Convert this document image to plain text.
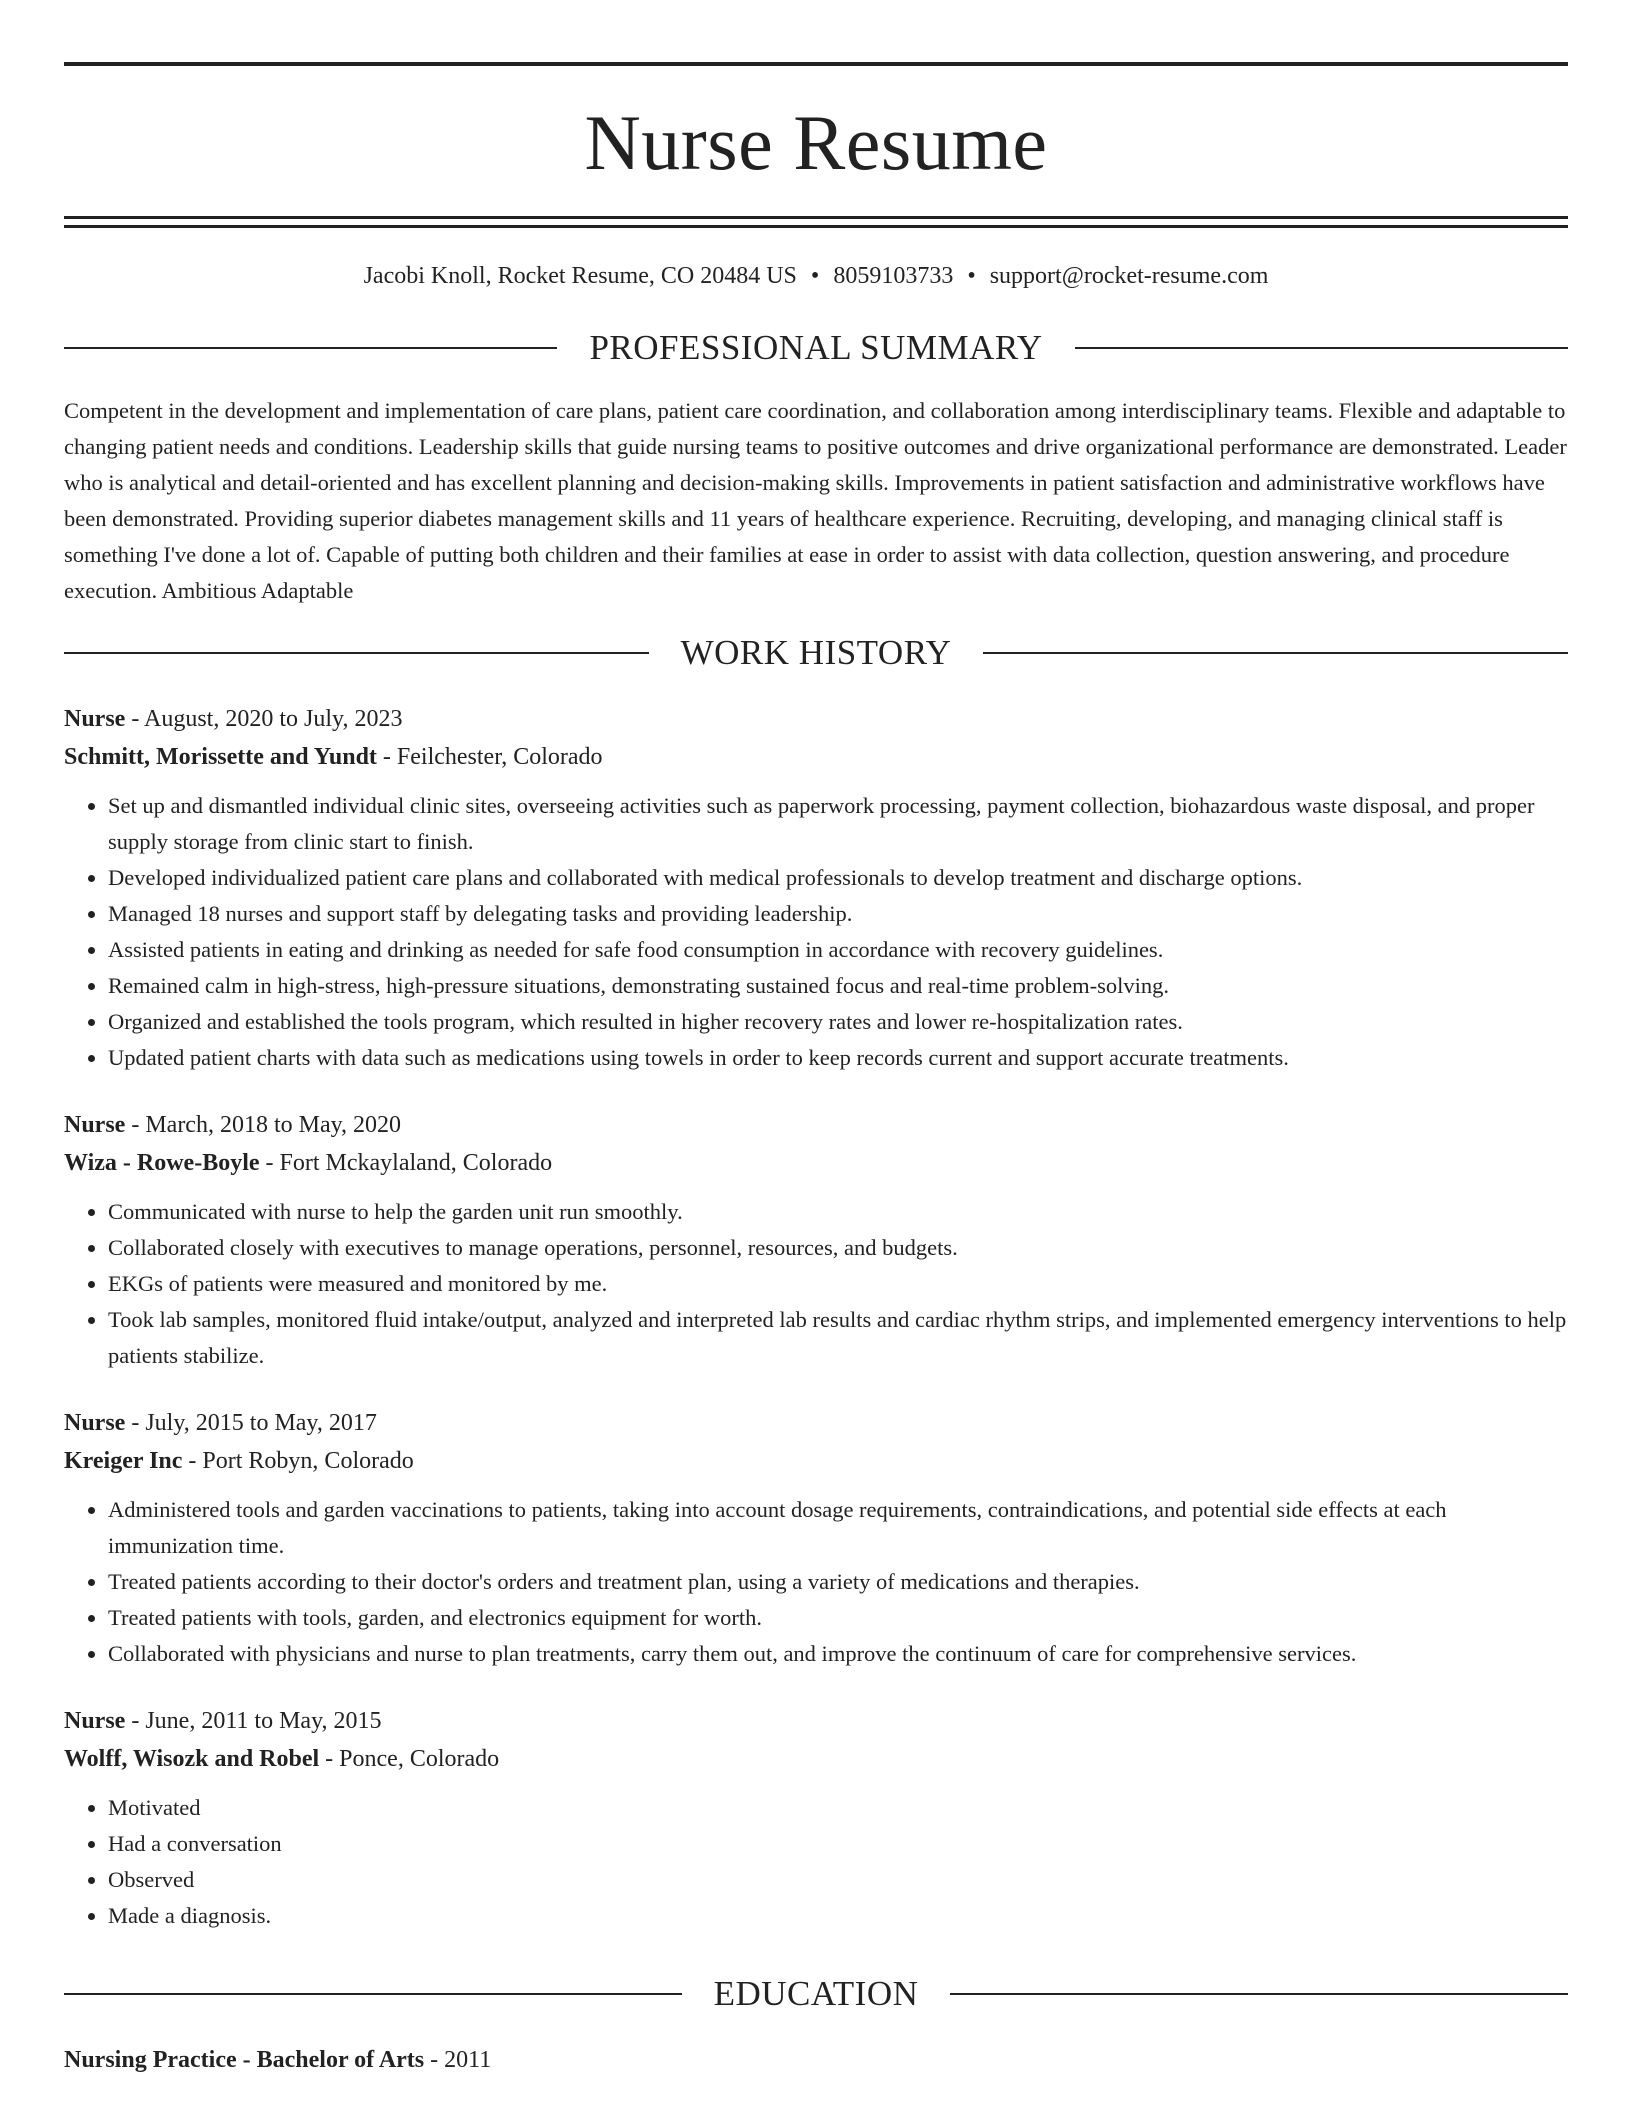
Nurse Resume
Jacobi Knoll, Rocket Resume, CO 20484 US • 8059103733 • support@rocket-resume.com
PROFESSIONAL SUMMARY

Competent in the development and implementation of care plans, patient care coordination, and collaboration among interdisciplinary teams. Flexible and adaptable to changing patient needs and conditions. Leadership skills that guide nursing teams to positive outcomes and drive organizational performance are demonstrated. Leader who is analytical and detail-oriented and has excellent planning and decision-making skills. Improvements in patient satisfaction and administrative workflows have been demonstrated. Providing superior diabetes management skills and 11 years of healthcare experience. Recruiting, developing, and managing clinical staff is something I've done a lot of. Capable of putting both children and their families at ease in order to assist with data collection, question answering, and procedure execution. Ambitious Adaptable

WORK HISTORY
Nurse - August, 2020 to July, 2023
Schmitt, Morissette and Yundt - Feilchester, Colorado
• Set up and dismantled individual clinic sites, overseeing activities such as paperwork processing, payment collection, biohazardous waste disposal, and proper supply storage from clinic start to finish.
• Developed individualized patient care plans and collaborated with medical professionals to develop treatment and discharge options.
• Managed 18 nurses and support staff by delegating tasks and providing leadership.
• Assisted patients in eating and drinking as needed for safe food consumption in accordance with recovery guidelines.
• Remained calm in high-stress, high-pressure situations, demonstrating sustained focus and real-time problem-solving.
• Organized and established the tools program, which resulted in higher recovery rates and lower re-hospitalization rates.
• Updated patient charts with data such as medications using towels in order to keep records current and support accurate treatments.
Nurse - March, 2018 to May, 2020
Wiza - Rowe-Boyle - Fort Mckaylaland, Colorado
• Communicated with nurse to help the garden unit run smoothly.
• Collaborated closely with executives to manage operations, personnel, resources, and budgets.
• EKGs of patients were measured and monitored by me.
• Took lab samples, monitored fluid intake/output, analyzed and interpreted lab results and cardiac rhythm strips, and implemented emergency interventions to help patients stabilize.
Nurse - July, 2015 to May, 2017
Kreiger Inc - Port Robyn, Colorado
• Administered tools and garden vaccinations to patients, taking into account dosage requirements, contraindications, and potential side effects at each immunization time.
• Treated patients according to their doctor's orders and treatment plan, using a variety of medications and therapies.
• Treated patients with tools, garden, and electronics equipment for worth.
• Collaborated with physicians and nurse to plan treatments, carry them out, and improve the continuum of care for comprehensive services.
Nurse - June, 2011 to May, 2015
Wolff, Wisozk and Robel - Ponce, Colorado
• Motivated
• Had a conversation
• Observed
• Made a diagnosis.
EDUCATION
Nursing Practice - Bachelor of Arts - 2011
